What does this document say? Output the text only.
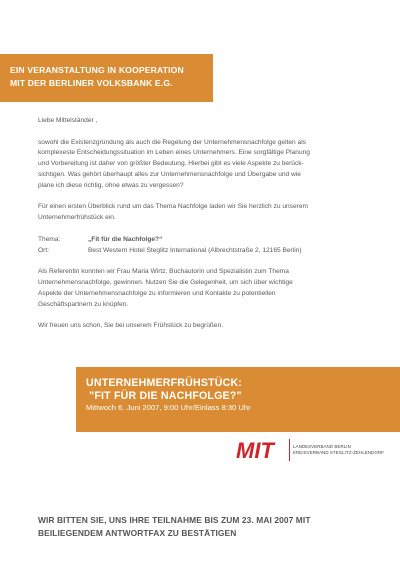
EIN VERANSTALTUNG IN KOOPERATION
MIT DER BERLINER VOLKSBANK E.G.

Liebe Mittelständer ,

sowohl die Existenzgründung als auch die Regelung der Unternehmensnachfolge gelten als

komplexeste Entscheidungssituation im Leben eines Unternehmers. Eine sorgfältige Planung

und Vorbereitung ist daher von größter Bedeutung. Hierbei gibt es viele Aspekte zu berück-

sichtigen. Was gehört überhaupt alles zur Unternehmensnachfolge und Übergabe und wie

plane ich diese richtig, ohne etwas zu vergessen?

Für einen ersten Überblick rund um das Thema Nachfolge laden wir Sie herzlich zu unserem

Unternehmerfrühstück ein.

Thema:	„Fit für die Nachfolge?“
Ort:	Best Western Hotel Steglitz International (Albrechtstraße 2, 12165 Berlin)

Als Referentin konnten wir Frau Maria Wirtz, Buchautorin und Spezialistin zum Thema

Unternehmensnachfolge, gewinnen. Nutzen Sie die Gelegenheit, um sich über wichtige

Aspekte der Unternehmensnachfolge zu informieren und Kontakte zu potentiellen

Geschäftspartnern zu knüpfen.

Wir freuen uns schon, Sie bei unserem Frühstück zu begrüßen.

UNTERNEHMERFRÜHSTÜCK:
"FIT FÜR DIE NACHFOLGE?"
Mittwoch 6. Juni 2007, 9:00 Uhr/Einlass 8:30 Uhr
MIT	LANDESVERBAND BERLIN
KREISVERBAND STEGLITZ-ZEHLENDORF
WIR BITTEN SIE, UNS IHRE TEILNAHME BIS ZUM 23. MAI 2007 MIT
BEILIEGENDEM ANTWORTFAX ZU BESTÄTIGEN
